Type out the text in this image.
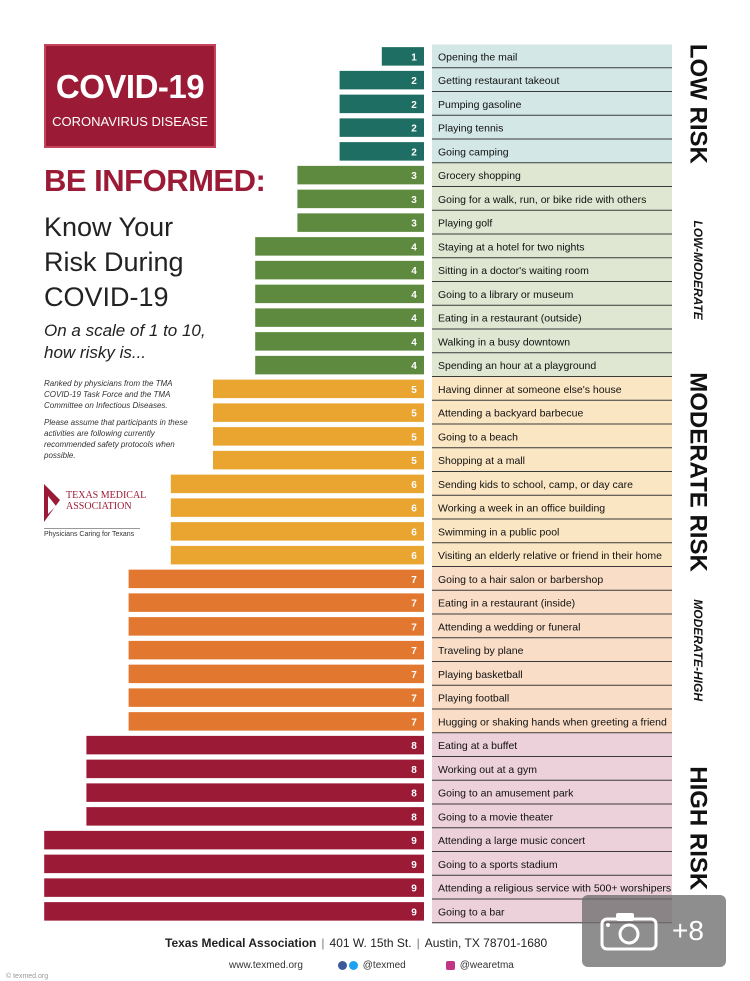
COVID-19
CORONAVIRUS DISEASE
BE INFORMED:
Know Your Risk During COVID-19
On a scale of 1 to 10, how risky is...

Ranked by physicians from the TMA COVID-19 Task Force and the TMA Committee on Infectious Diseases.

Please assume that participants in these activities are following currently recommended safety protocols when possible.

TEXAS MEDICAL ASSOCIATION
Physicians Caring for Texans
LOW RISK
LOW-MODERATE
MODERATE RISK
MODERATE-HIGH
HIGH RISK
1 Opening the mail
2 Getting restaurant takeout
2 Pumping gasoline
2 Playing tennis
2 Going camping
3 Grocery shopping
3 Going for a walk, run, or bike ride with others
3 Playing golf
4 Staying at a hotel for two nights
4 Sitting in a doctor's waiting room
4 Going to a library or museum
4 Eating in a restaurant (outside)
4 Walking in a busy downtown
4 Spending an hour at a playground
5 Having dinner at someone else's house
5 Attending a backyard barbecue
5 Going to a beach
5 Shopping at a mall
6 Sending kids to school, camp, or day care
6 Working a week in an office building
6 Swimming in a public pool
6 Visiting an elderly relative or friend in their home
7 Going to a hair salon or barbershop
7 Eating in a restaurant (inside)
7 Attending a wedding or funeral
7 Traveling by plane
7 Playing basketball
7 Playing football
7 Hugging or shaking hands when greeting a friend
8 Eating at a buffet
8 Working out at a gym
8 Going to an amusement park
8 Going to a movie theater
9 Attending a large music concert
9 Going to a sports stadium
9 Attending a religious service with 500+ worshipers
9 Going to a bar
Texas Medical Association | 401 W. 15th St. | Austin, TX 78701-1680
www.texmed.org	@texmed	@wearetma
© texmed.org
+8
